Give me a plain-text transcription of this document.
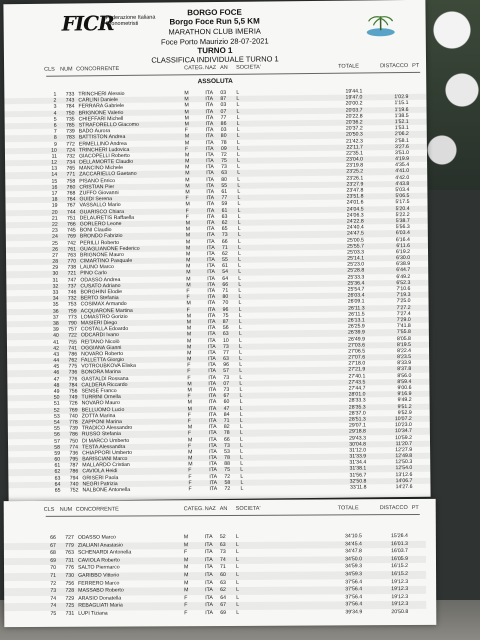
FICR
Federazione Italiana Cronometristi
BORGO FOCE
Borgo Foce Run 5,5 KM
MARATHON CLUB IMERIA
Foce Porto Maurizio 28-07-2021
TURNO 1
CLASSIFICA INDIVIDUALE TURNO 1
CLS NUM CONCORRENTE	CATEG. NAZ AN SOCIETA'	TOTALE	DISTACCO PT
ASSOLUTA
1	733 TRINCHERI Alessio	M	ITA 03 L	19'44.1
2	743 CARLINI Daniele	M	ITA 87 L	19'47.0	1'02.9
3	784 FERRARA Gabriele	M	ITA 03 L	20'00.2	1'15.1
4	750 BRIGNONE Valerio	M	ITA 07 L	20'03.7	1'19.6
5	735 CHIEFFARI Michell	M	ITA 77 L	20'22.8	1'38.5
6	785 STRAFORELLO Giacomo	M	ITA 86 L	20'36.2	1'52.1
7	739 BADO Aurora	F	ITA 03 L	20'37.2	1'53.1
8	783 BATTISTON Andrea	M	ITA 80 L	20'50.3	2'06.2
9	772 ERMELLINO Andrea	M	ITA 78 L	21'42.3	2'58.1
10	724 TRINCHERI Ludovica	F	ITA 09 L	22'11.7	3'27.6
11	732 GIACOPELLI Roberto	M	ITA 72 L	22'35.1	3'51.0
12	734 DELLAMORTE Claudio	M	ITA 75 L	23'04.0	4'19.9
13	765 MANCINO Michele	M	ITA 73 L	23'19.8	4'35.4
14	771 ZACCARIELLO Gaetano	M	ITA 63 L	23'25.2	4'41.0
15	758 PISANO Enrico	M	ITA 80 L	23'26.1	4'42.0
16	760 CRISTIAN Pier	M	ITA 55 L	23'27.9	4'43.8
17	768 ZUFFO Giovanni	M	ITA 61 L	23'47.8	5'03.4
18	764 GUIDI Serena	F	ITA 77 L	23'51.8	5'06.5
19	767 VASSALLO Mario	M	ITA 59 L	24'01.6	5'17.5
20	744 GUARISCO Chiara	F	ITA 61 L	24'04.5	5'20.4
21	751 DELAURETIS Raffaella	F	ITA 63 L	24'06.3	5'22.2
22	766 GORLERO Leone	M	ITA 62 L	24'22.8	5'38.7
23	745 BONI Claudio	M	ITA 65 L	24'40.4	5'56.3
24	769 BRONDO Fabrizio	M	ITA 73 L	24'47.5	6'03.4
25	742 PERILLI Roberto	M	ITA 66 L	25'00.5	6'16.4
26	761 GUAGLIANONE Federico	M	ITA 71 L	25'55.7	6'11.6
27	763 BRIGNONE Mauro	M	ITA 62 L	25'03.3	6'19.2
28	770 CIMARTINO Pasquale	M	ITA 55 L	25'14.1	6'30.0
29	738 LAUNO Marco	M	ITA 61 L	25'23.0	6'38.9
30	721 PINO Carlo	M	ITA 54 L	25'28.8	6'44.7
31	747 ODASSO Andrea	M	ITA 64 L	25'33.3	6'49.2
32	737 CUSATO Adriano	M	ITA 66 L	25'36.4	6'52.3
33	746 BORGHINI Elodie	F	ITA 71 L	25'54.7	7'10.6
34	732 BERTO Stefania	F	ITA 80 L	26'03.4	7'19.3
35	753 COSIMAX Armando	M	ITA 70 L	26'09.1	7'25.0
36	759 ACQUARONE Martina	F	ITA 96 L	26'11.3	7'27.2
37	773 LOMASTRO Gorizio	M	ITA 75 L	26'11.5	7'27.4
38	790 MASIERI Diego	M	ITA 87 L	26'13.1	7'29.0
39	757 COSTALLA Edoardo	M	ITA 56 L	26'25.9	7'41.8
40	722 ODCARDI Ivano	M	ITA 63 L	26'39.9	7'55.8
41	755 REITANO Nicolò	M	ITA 10 L	26'49.9	8'05.8
42	741 OGGIANA Gianni	M	ITA 73 L	27'03.6	8'19.5
43	786 NOVARO Roberto	M	ITA 77 L	27'06.5	8'22.4
44	762 FALLETTA Giorgio	M	ITA 63 L	27'07.6	8'23.5
45	775 VOTROUBKOVA Eliska	F	ITA 96 L	27'18.0	8'33.9
46	736 BONORA Marina	F	ITA 57 L	27'21.9	8'37.8
47	776 GASTALDI Rossana	F	ITA 73 L	27'40.1	8'56.0
48	784 CALDERA Riccardo	M	ITA 07 L	27'43.5	8'59.4
49	756 SENSE Franco	M	ITA 73 L	27'44.7	9'00.6
50	749 TURRINI Ornella	F	ITA 67 L	28'01.0	9'16.9
51	726 NOVARO Mauro	M	ITA 60 L	28'33.3	9'49.2
52	769 BELLUOMO Lucio	M	ITA 47 L	28'35.3	9'51.2
53	740 ZOTTA Marina	F	ITA 84 L	28'37.0	9'52.9
54	778 ZAPPONI Marina	F	ITA 71 L	28'51.3	10'07.2
55	739 TRADICO Alessandro	M	ITA 82 L	29'07.1	10'23.0
56	786 RUSSO Stefania	F	ITA 78 L	29'18.8	10'34.7
57	750 DI MARCO Umberto	M	ITA 66 L	29'43.3	10'59.2
58	774 TESTA Alessandra	F	ITA 73 L	30'04.8	11'20.7
59	736 CHIAPPORI Umberto	M	ITA 53 L	31'12.0	12'27.9
60	795 BARISCIANI Marco	M	ITA 78 L	31'33.9	12'49.8
61	787 MALLARDO Cristian	M	ITA 88 L	31'34.4	12'50.3
62	786 CAVIOLA Heidi	F	ITA 75 L	31'38.1	12'54.0
63	794 GRISERI Paola	F	ITA 72 L	31'56.7	13'12.6
64	740 NEGRI Patrizia	F	ITA 58 L	32'50.8	14'06.7
65	752 NALBONE Antonella	F	ITA 72 L	33'11.8	14'27.6
CLS NUM CONCORRENTE	CATEG. NAZ AN SOCIETA'	TOTALE	DISTACCO PT
66	727 ODASSO Marco	M	ITA 52 L	34'10.5	15'26.4
67	779 ZIALIANI Anastasio	M	ITA 63 L	34'45.4	16'01.3
68	763 SCHENARDI Antonella	F	ITA 73 L	34'47.8	16'03.7
69	731 CAVIOLA Roberto	M	ITA 74 L	34'50.0	16'05.9
70	776 SALTO Piermarco	M	ITA 71 L	34'59.3	16'15.2
71	730 GARIBBO Vittorio	M	ITA 60 L	34'59.3	16'15.2
72	756 FERRERO Marco	M	ITA 63 L	37'56.4	19'12.3
73	728 MASSABO Roberto	M	ITA 62 L	37'56.4	19'12.3
74	729 ARASIO Donatella	F	ITA 64 L	37'56.4	19'12.3
74	725 REBAGLIATI Maria	F	ITA 67 L	37'56.4	19'12.3
75	731 LUPI Tiziana	F	ITA 69 L	39'34.9	20'50.8
